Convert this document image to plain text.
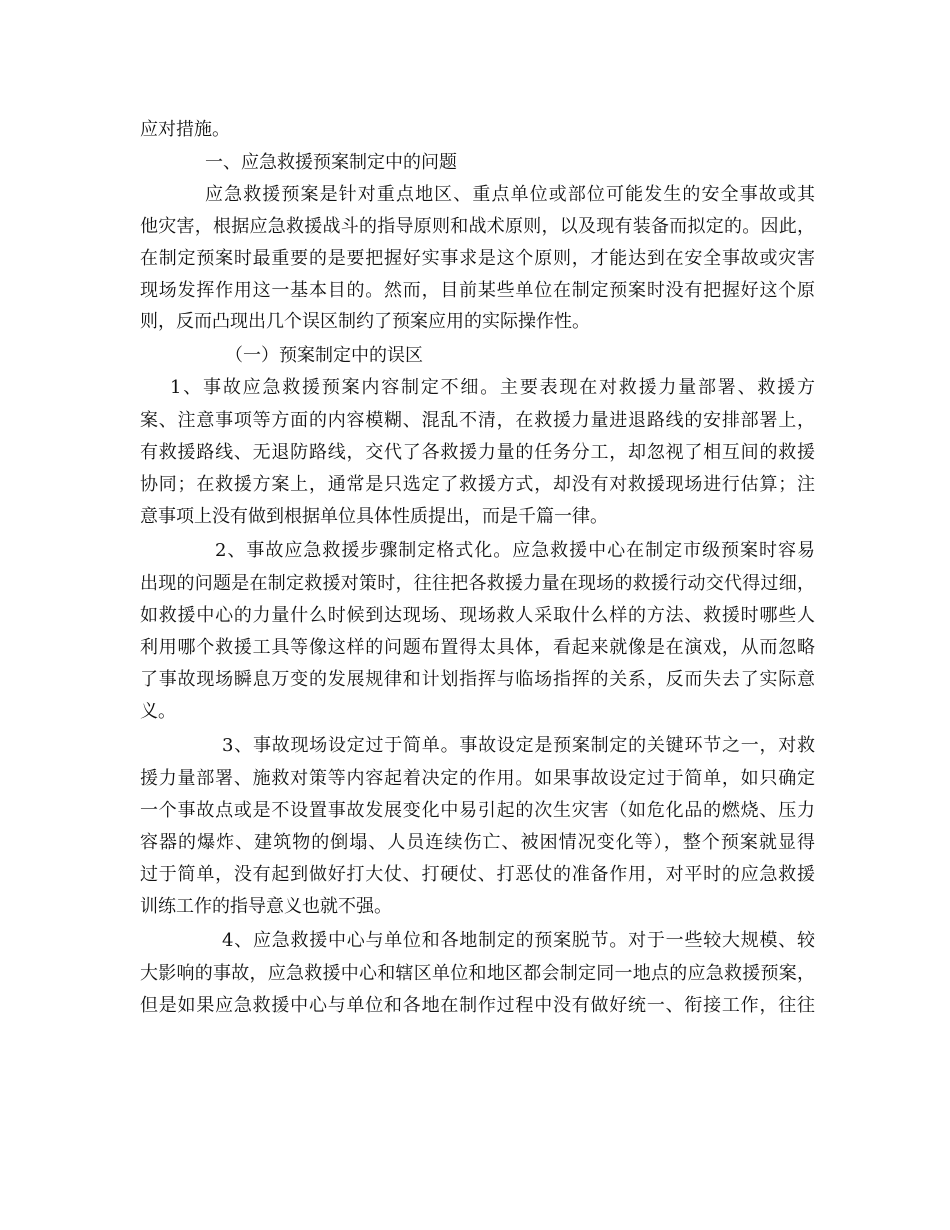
应对措施。
一、应急救援预案制定中的问题
应急救援预案是针对重点地区、重点单位或部位可能发生的安全事故或其
他灾害，根据应急救援战斗的指导原则和战术原则，以及现有装备而拟定的。因此，
在制定预案时最重要的是要把握好实事求是这个原则，才能达到在安全事故或灾害
现场发挥作用这一基本目的。然而，目前某些单位在制定预案时没有把握好这个原
则，反而凸现出几个误区制约了预案应用的实际操作性。
（一）预案制定中的误区
1、事故应急救援预案内容制定不细。主要表现在对救援力量部署、救援方
案、注意事项等方面的内容模糊、混乱不清，在救援力量进退路线的安排部署上，
有救援路线、无退防路线，交代了各救援力量的任务分工，却忽视了相互间的救援
协同；在救援方案上，通常是只选定了救援方式，却没有对救援现场进行估算；注
意事项上没有做到根据单位具体性质提出，而是千篇一律。
2、事故应急救援步骤制定格式化。应急救援中心在制定市级预案时容易
出现的问题是在制定救援对策时，往往把各救援力量在现场的救援行动交代得过细，
如救援中心的力量什么时候到达现场、现场救人采取什么样的方法、救援时哪些人
利用哪个救援工具等像这样的问题布置得太具体，看起来就像是在演戏，从而忽略
了事故现场瞬息万变的发展规律和计划指挥与临场指挥的关系，反而失去了实际意
义。
3、事故现场设定过于简单。事故设定是预案制定的关键环节之一，对救
援力量部署、施救对策等内容起着决定的作用。如果事故设定过于简单，如只确定
一个事故点或是不设置事故发展变化中易引起的次生灾害（如危化品的燃烧、压力
容器的爆炸、建筑物的倒塌、人员连续伤亡、被困情况变化等），整个预案就显得
过于简单，没有起到做好打大仗、打硬仗、打恶仗的准备作用，对平时的应急救援
训练工作的指导意义也就不强。
4、应急救援中心与单位和各地制定的预案脱节。对于一些较大规模、较
大影响的事故，应急救援中心和辖区单位和地区都会制定同一地点的应急救援预案，
但是如果应急救援中心与单位和各地在制作过程中没有做好统一、衔接工作，往往
